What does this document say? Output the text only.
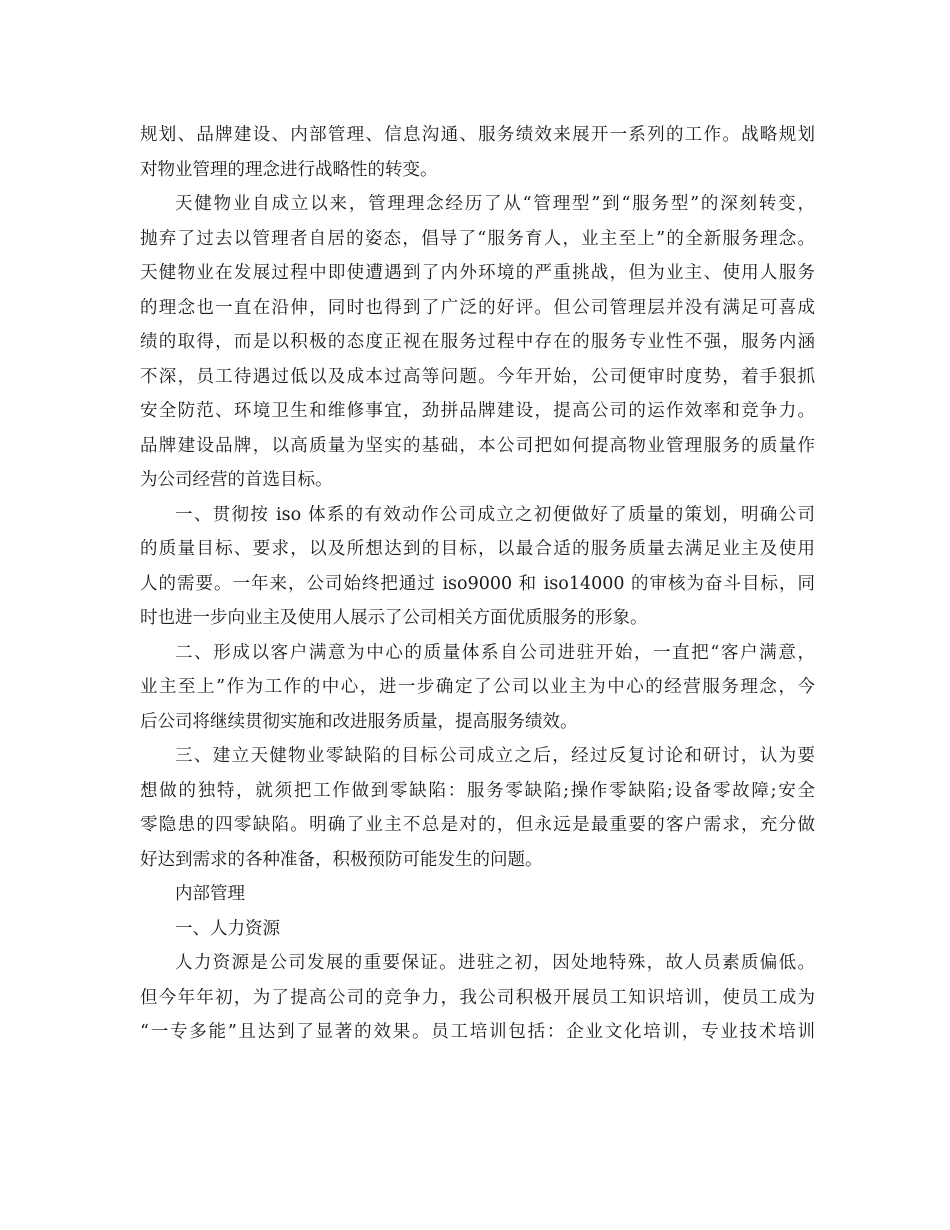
规划、品牌建设、内部管理、信息沟通、服务绩效来展开一系列的工作。战略规划

对物业管理的理念进行战略性的转变。

天健物业自成立以来，管理理念经历了从“管理型”到“服务型”的深刻转变，

抛弃了过去以管理者自居的姿态，倡导了“服务育人，业主至上”的全新服务理念。

天健物业在发展过程中即使遭遇到了内外环境的严重挑战，但为业主、使用人服务

的理念也一直在沿伸，同时也得到了广泛的好评。但公司管理层并没有满足可喜成

绩的取得，而是以积极的态度正视在服务过程中存在的服务专业性不强，服务内涵

不深，员工待遇过低以及成本过高等问题。今年开始，公司便审时度势，着手狠抓

安全防范、环境卫生和维修事宜，劲拼品牌建设，提高公司的运作效率和竞争力。

品牌建设品牌，以高质量为坚实的基础，本公司把如何提高物业管理服务的质量作

为公司经营的首选目标。

一、贯彻按 iso 体系的有效动作公司成立之初便做好了质量的策划，明确公司

的质量目标、要求，以及所想达到的目标，以最合适的服务质量去满足业主及使用

人的需要。一年来，公司始终把通过 iso9000 和 iso14000 的审核为奋斗目标，同

时也进一步向业主及使用人展示了公司相关方面优质服务的形象。

二、形成以客户满意为中心的质量体系自公司进驻开始，一直把“客户满意，

业主至上”作为工作的中心，进一步确定了公司以业主为中心的经营服务理念，今

后公司将继续贯彻实施和改进服务质量，提高服务绩效。

三、建立天健物业零缺陷的目标公司成立之后，经过反复讨论和研讨，认为要

想做的独特，就须把工作做到零缺陷：服务零缺陷;操作零缺陷;设备零故障;安全

零隐患的四零缺陷。明确了业主不总是对的，但永远是最重要的客户需求，充分做

好达到需求的各种准备，积极预防可能发生的问题。

内部管理

一、人力资源

人力资源是公司发展的重要保证。进驻之初，因处地特殊，故人员素质偏低。

但今年年初，为了提高公司的竞争力，我公司积极开展员工知识培训，使员工成为

“一专多能”且达到了显著的效果。员工培训包括：企业文化培训，专业技术培训
